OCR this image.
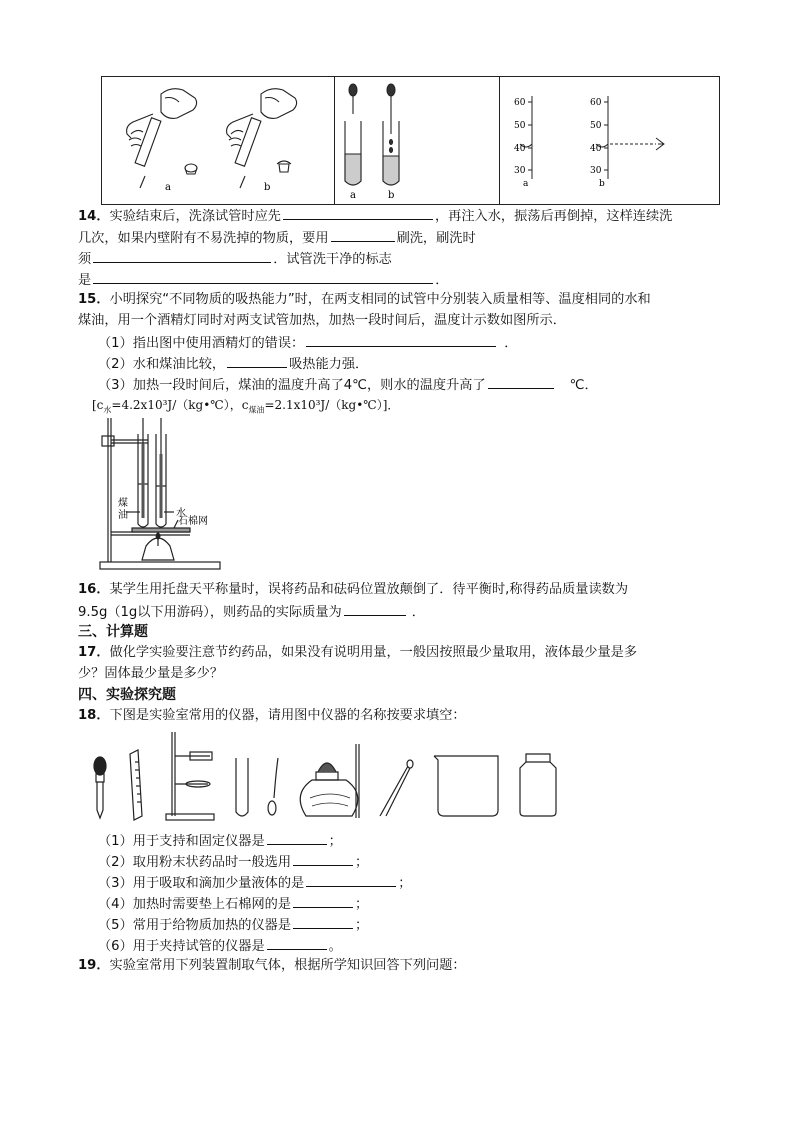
a	b
a	b
60
50
40
30
60
50
40
30
a	b
14．实验结束后，洗涤试管时应先	，再注入水，振荡后再倒掉，这样连续洗
几次，如果内壁附有不易洗掉的物质，要用	刷洗，刷洗时
须	．试管洗干净的标志
是	．
15．小明探究“不同物质的吸热能力”时，在两支相同的试管中分别装入质量相等、温度相同的水和
煤油，用一个酒精灯同时对两支试管加热，加热一段时间后，温度计示数如图所示．
（1）指出图中使用酒精灯的错误：	．
（2）水和煤油比较，	吸热能力强．
（3）加热一段时间后，煤油的温度升高了4℃，则水的温度升高了	℃．
[$c_水=4.2x10^3J/(kg•℃)$，$c_{煤油}=2.1x10^3J/(kg•℃)$]．
煤
油	水
石棉网
16．某学生用托盘天平称量时，误将药品和砝码位置放颠倒了．待平衡时,称得药品质量读数为
9.5g（1g以下用游码），则药品的实际质量为	．
三、计算题
17．做化学实验要注意节约药品，如果没有说明用量，一般因按照最少量取用，液体最少量是多
少？固体最少量是多少？
四、实验探究题
18．下图是实验室常用的仪器，请用图中仪器的名称按要求填空：
（1）用于支持和固定仪器是	；
（2）取用粉末状药品时一般选用	；
（3）用于吸取和滴加少量液体的是	；
（4）加热时需要垫上石棉网的是	；
（5）常用于给物质加热的仪器是	；
（6）用于夹持试管的仪器是	。
19．实验室常用下列装置制取气体，根据所学知识回答下列问题：
